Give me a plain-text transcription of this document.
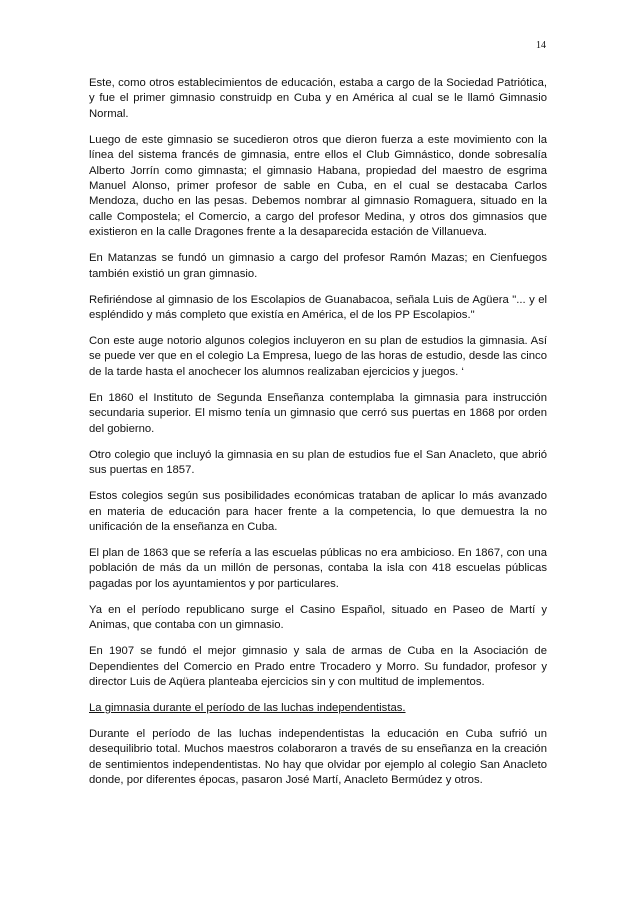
14

Este, como otros establecimientos de educación, estaba a cargo de la Sociedad Patriótica, y fue el primer gimnasio construidp en Cuba y en América al cual se le llamó Gimnasio Normal.

Luego de este gimnasio se sucedieron otros que dieron fuerza a este movimiento con la línea del sistema francés de gimnasia, entre ellos el Club Gimnástico, donde sobresalía Alberto Jorrín como gimnasta; el gimnasio Habana, propiedad del maestro de esgrima Manuel Alonso, primer profesor de sable en Cuba, en el cual se destacaba Carlos Mendoza, ducho en las pesas. Debemos nombrar al gimnasio Romaguera, situado en la calle Compostela; el Comercio, a cargo del profesor Medina, y otros dos gimnasios que existieron en la calle Dragones frente a la desaparecida estación de Villanueva.

En Matanzas se fundó un gimnasio a cargo del profesor Ramón Mazas; en Cienfuegos también existió un gran gimnasio.

Refiriéndose al gimnasio de los Escolapios de Guanabacoa, señala Luis de Agüera "... y el espléndido y más completo que existía en América, el de los PP Escolapios."

Con este auge notorio algunos colegios incluyeron en su plan de estudios la gimnasia. Así se puede ver que en el colegio La Empresa, luego de las horas de estudio, desde las cinco de la tarde hasta el anochecer los alumnos realizaban ejercicios y juegos. ‘

En 1860 el Instituto de Segunda Enseñanza contemplaba la gimnasia para instrucción secundaria superior. El mismo tenía un gimnasio que cerró sus puertas en 1868 por orden del gobierno.

Otro colegio que incluyó la gimnasia en su plan de estudios fue el San Anacleto, que abrió sus puertas en 1857.

Estos colegios según sus posibilidades económicas trataban de aplicar lo más avanzado en materia de educación para hacer frente a la competencia, lo que demuestra la no unificación de la enseñanza en Cuba.

El plan de 1863 que se refería a las escuelas públicas no era ambicioso. En 1867, con una población de más da un millón de personas, contaba la isla con 418 escuelas públicas pagadas por los ayuntamientos y por particulares.

Ya en el período republicano surge el Casino Español, situado en Paseo de Martí y Animas, que contaba con un gimnasio.

En 1907 se fundó el mejor gimnasio y sala de armas de Cuba en la Asociación de Dependientes del Comercio en Prado entre Trocadero y Morro. Su fundador, profesor y director Luis de Aqüera planteaba ejercicios sin y con multitud de implementos.

La gimnasia durante el período de las luchas independentistas.

Durante el período de las luchas independentistas la educación en Cuba sufrió un desequilibrio total. Muchos maestros colaboraron a través de su enseñanza en la creación de sentimientos independentistas. No hay que olvidar por ejemplo al colegio San Anacleto donde, por diferentes épocas, pasaron José Martí, Anacleto Bermúdez y otros.
